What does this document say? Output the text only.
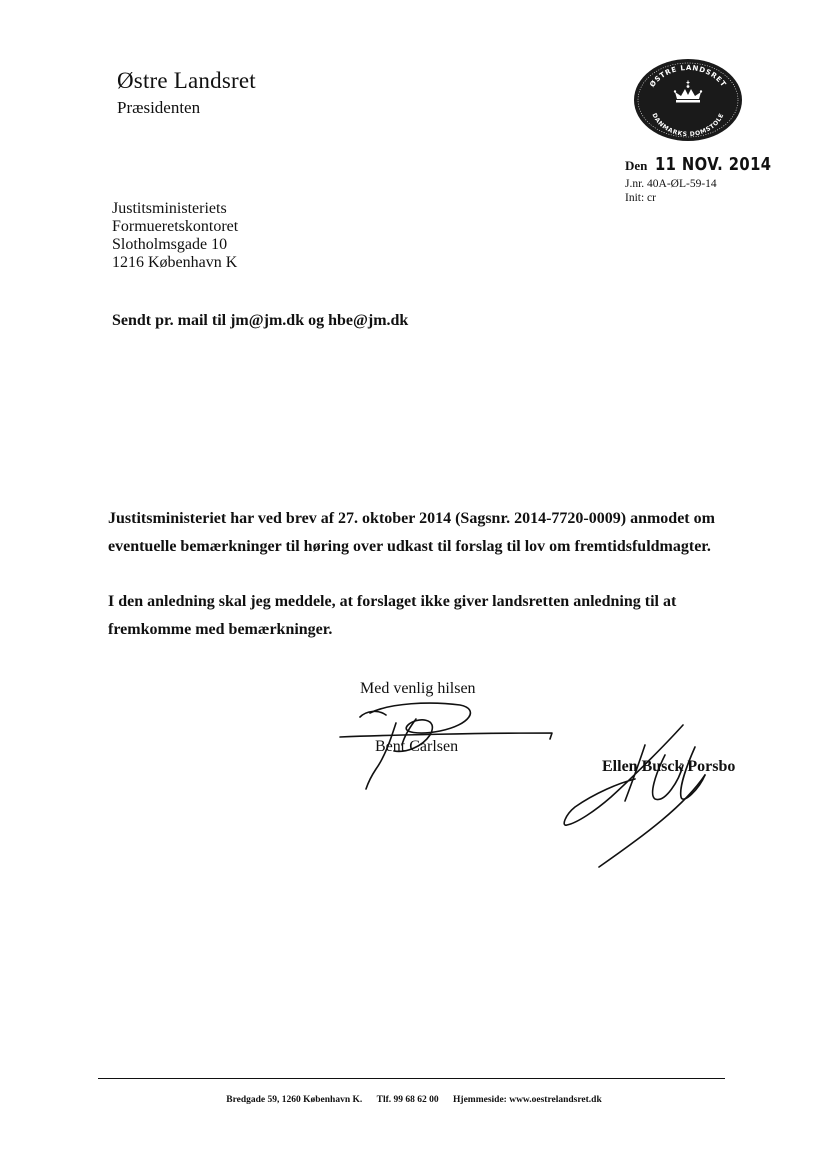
Østre Landsret
Præsidenten
ØSTRE LANDSRET
DANMARKS DOMSTOLE
Den 11 NOV. 2014
J.nr. 40A-ØL-59-14
Init: cr
Justitsministeriets
Formueretskontoret
Slotholmsgade 10
1216 København K
Sendt pr. mail til jm@jm.dk og hbe@jm.dk
Justitsministeriet har ved brev af 27. oktober 2014 (Sagsnr. 2014-7720-0009) anmodet om eventuelle bemærkninger til høring over udkast til forslag til lov om fremtidsfuldmagter.
I den anledning skal jeg meddele, at forslaget ikke giver landsretten anledning til at fremkomme med bemærkninger.
Med venlig hilsen
Bent Carlsen
Ellen Busck Porsbo
Bredgade 59, 1260 København K. Tlf. 99 68 62 00 Hjemmeside: www.oestrelandsret.dk
